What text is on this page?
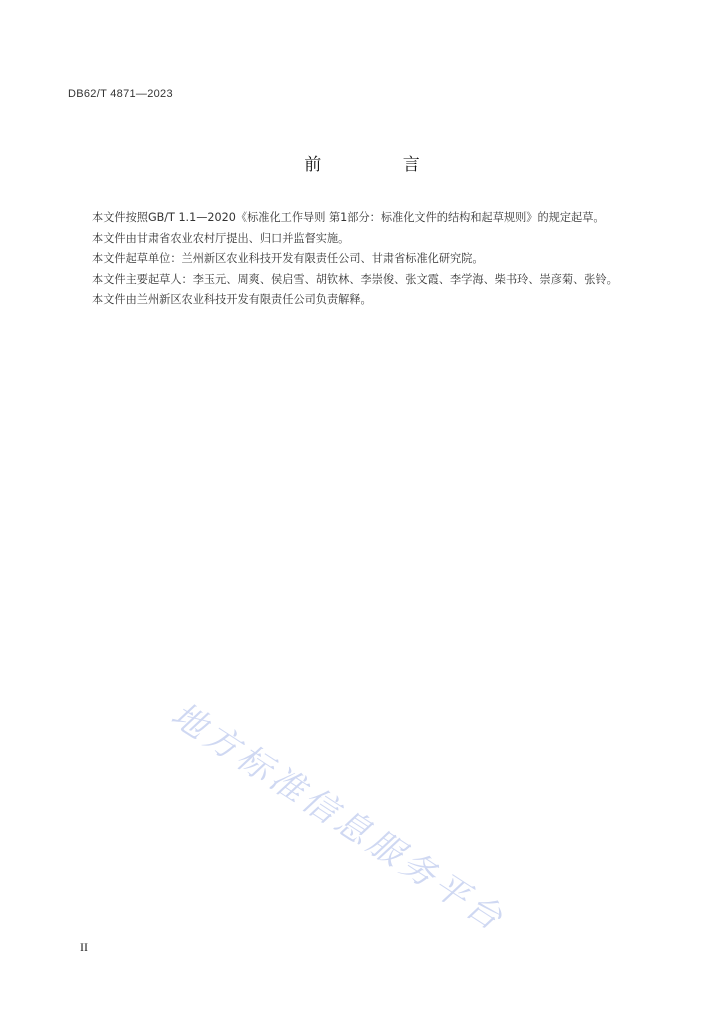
DB62/T 4871—2023
前 言

本文件按照GB/T 1.1—2020《标准化工作导则 第1部分：标准化文件的结构和起草规则》的规定起草。

本文件由甘肃省农业农村厅提出、归口并监督实施。

本文件起草单位：兰州新区农业科技开发有限责任公司、甘肃省标准化研究院。

本文件主要起草人：李玉元、周爽、侯启雪、胡钦林、李崇俊、张文霞、李学海、柴书玲、崇彦菊、张铃。

本文件由兰州新区农业科技开发有限责任公司负责解释。

地方标准信息服务平台
II
